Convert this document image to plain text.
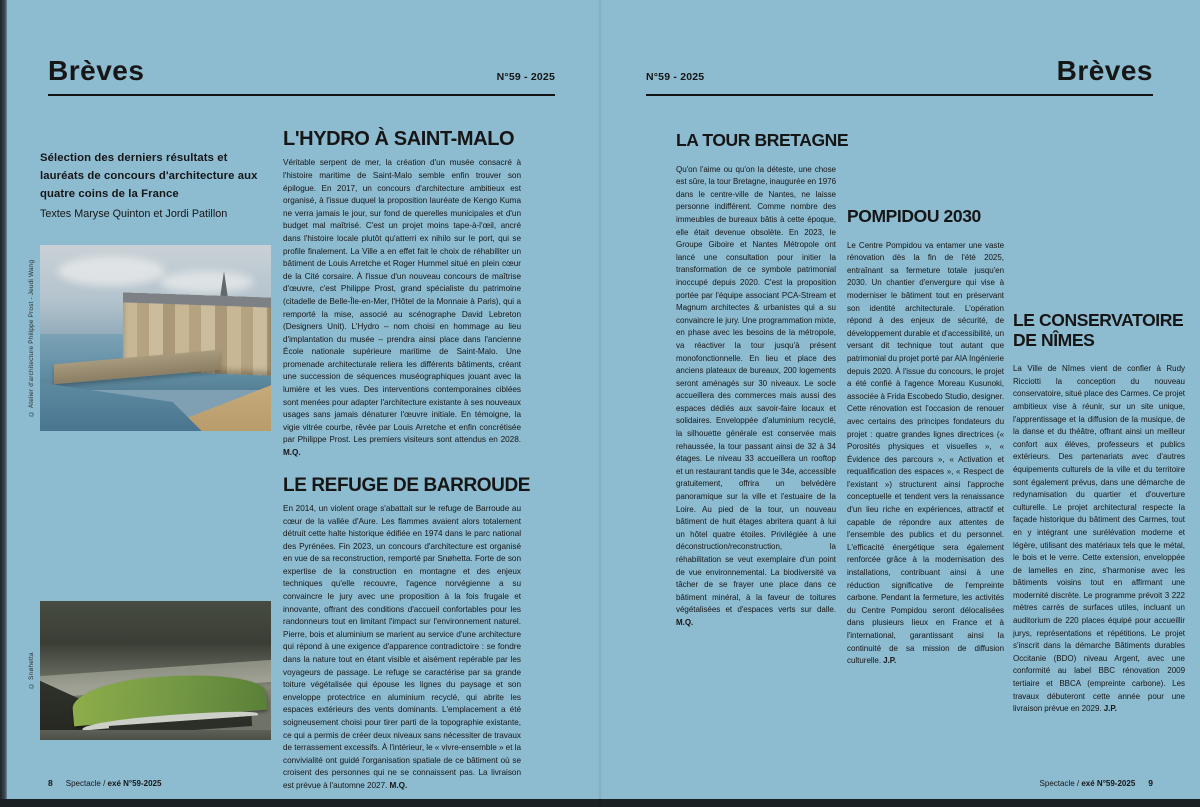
Brèves	N°59 - 2025	N°59 - 2025	Brèves
Sélection des derniers résultats et lauréats de concours d'architecture aux quatre coins de la France
Textes Maryse Quinton et Jordi Patillon
© Atelier d'architecture Philippe Prost - Jeudi Wang
© Snøhetta
L'HYDRO À SAINT-MALO

Véritable serpent de mer, la création d'un musée consacré à l'histoire maritime de Saint-Malo semble enfin trouver son épilogue. En 2017, un concours d'architecture ambitieux est organisé, à l'issue duquel la proposition lauréate de Kengo Kuma ne verra jamais le jour, sur fond de querelles municipales et d'un budget mal maîtrisé. C'est un projet moins tape-à-l'œil, ancré dans l'histoire locale plutôt qu'atterri ex nihilo sur le port, qui se profile finalement. La Ville a en effet fait le choix de réhabiliter un bâtiment de Louis Arretche et Roger Hummel situé en plein cœur de la Cité corsaire. À l'issue d'un nouveau concours de maîtrise d'œuvre, c'est Philippe Prost, grand spécialiste du patrimoine (citadelle de Belle-Île-en-Mer, l'Hôtel de la Monnaie à Paris), qui a remporté la mise, associé au scénographe David Lebreton (Designers Unit). L'Hydro – nom choisi en hommage au lieu d'implantation du musée – prendra ainsi place dans l'ancienne École nationale supérieure maritime de Saint-Malo. Une promenade architecturale reliera les différents bâtiments, créant une succession de séquences muséographiques jouant avec la lumière et les vues. Des interventions contemporaines ciblées sont menées pour adapter l'architecture existante à ses nouveaux usages sans jamais dénaturer l'œuvre initiale. En témoigne, la vigie vitrée courbe, rêvée par Louis Arretche et enfin concrétisée par Philippe Prost. Les premiers visiteurs sont attendus en 2028. M.Q.

LE REFUGE DE BARROUDE

En 2014, un violent orage s'abattait sur le refuge de Barroude au cœur de la vallée d'Aure. Les flammes avaient alors totalement détruit cette halte historique édifiée en 1974 dans le parc national des Pyrénées. Fin 2023, un concours d'architecture est organisé en vue de sa reconstruction, remporté par Snøhetta. Forte de son expertise de la construction en montagne et des enjeux techniques qu'elle recouvre, l'agence norvégienne a su convaincre le jury avec une proposition à la fois frugale et innovante, offrant des conditions d'accueil confortables pour les randonneurs tout en limitant l'impact sur l'environnement naturel. Pierre, bois et aluminium se marient au service d'une architecture qui répond à une exigence d'apparence contradictoire : se fondre dans la nature tout en étant visible et aisément repérable par les voyageurs de passage. Le refuge se caractérise par sa grande toiture végétalisée qui épouse les lignes du paysage et son enveloppe protectrice en aluminium recyclé, qui abrite les espaces extérieurs des vents dominants. L'emplacement a été soigneusement choisi pour tirer parti de la topographie existante, ce qui a permis de créer deux niveaux sans nécessiter de travaux de terrassement excessifs. À l'intérieur, le « vivre-ensemble » et la convivialité ont guidé l'organisation spatiale de ce bâtiment où se croisent des personnes qui ne se connaissent pas. La livraison est prévue à l'automne 2027. M.Q.

LA TOUR BRETAGNE

Qu'on l'aime ou qu'on la déteste, une chose est sûre, la tour Bretagne, inaugurée en 1976 dans le centre-ville de Nantes, ne laisse personne indifférent. Comme nombre des immeubles de bureaux bâtis à cette époque, elle était devenue obsolète. En 2023, le Groupe Giboire et Nantes Métropole ont lancé une consultation pour initier la transformation de ce symbole patrimonial inoccupé depuis 2020. C'est la proposition portée par l'équipe associant PCA-Stream et Magnum architectes & urbanistes qui a su convaincre le jury. Une programmation mixte, en phase avec les besoins de la métropole, va réactiver la tour jusqu'à présent monofonctionnelle. En lieu et place des anciens plateaux de bureaux, 200 logements seront aménagés sur 30 niveaux. Le socle accueillera des commerces mais aussi des espaces dédiés aux savoir-faire locaux et solidaires. Enveloppée d'aluminium recyclé, la silhouette générale est conservée mais rehaussée, la tour passant ainsi de 32 à 34 étages. Le niveau 33 accueillera un rooftop et un restaurant tandis que le 34e, accessible gratuitement, offrira un belvédère panoramique sur la ville et l'estuaire de la Loire. Au pied de la tour, un nouveau bâtiment de huit étages abritera quant à lui un hôtel quatre étoiles. Privilégiée à une déconstruction/reconstruction, la réhabilitation se veut exemplaire d'un point de vue environnemental. La biodiversité va tâcher de se frayer une place dans ce bâtiment minéral, à la faveur de toitures végétalisées et d'espaces verts sur dalle. M.Q.

POMPIDOU 2030

Le Centre Pompidou va entamer une vaste rénovation dès la fin de l'été 2025, entraînant sa fermeture totale jusqu'en 2030. Un chantier d'envergure qui vise à moderniser le bâtiment tout en préservant son identité architecturale. L'opération répond à des enjeux de sécurité, de développement durable et d'accessibilité, un versant dit technique tout autant que patrimonial du projet porté par AIA Ingénierie depuis 2020. À l'issue du concours, le projet a été confié à l'agence Moreau Kusunoki, associée à Frida Escobedo Studio, designer. Cette rénovation est l'occasion de renouer avec certains des principes fondateurs du projet : quatre grandes lignes directrices (« Porosités physiques et visuelles », « Évidence des parcours », « Activation et requalification des espaces », « Respect de l'existant ») structurent ainsi l'approche conceptuelle et tendent vers la renaissance d'un lieu riche en expériences, attractif et capable de répondre aux attentes de l'ensemble des publics et du personnel. L'efficacité énergétique sera également renforcée grâce à la modernisation des installations, contribuant ainsi à une réduction significative de l'empreinte carbone. Pendant la fermeture, les activités du Centre Pompidou seront délocalisées dans plusieurs lieux en France et à l'international, garantissant ainsi la continuité de sa mission de diffusion culturelle. J.P.

LE CONSERVATOIRE DE NÎMES

La Ville de Nîmes vient de confier à Rudy Ricciotti la conception du nouveau conservatoire, situé place des Carmes. Ce projet ambitieux vise à réunir, sur un site unique, l'apprentissage et la diffusion de la musique, de la danse et du théâtre, offrant ainsi un meilleur confort aux élèves, professeurs et publics extérieurs. Des partenariats avec d'autres équipements culturels de la ville et du territoire sont également prévus, dans une démarche de redynamisation du quartier et d'ouverture culturelle. Le projet architectural respecte la façade historique du bâtiment des Carmes, tout en y intégrant une surélévation moderne et légère, utilisant des matériaux tels que le métal, le bois et le verre. Cette extension, enveloppée de lamelles en zinc, s'harmonise avec les bâtiments voisins tout en affirmant une modernité discrète. Le programme prévoit 3 222 mètres carrés de surfaces utiles, incluant un auditorium de 220 places équipé pour accueillir jurys, représentations et répétitions. Le projet s'inscrit dans la démarche Bâtiments durables Occitanie (BDO) niveau Argent, avec une conformité au label BBC rénovation 2009 tertiaire et BBCA (empreinte carbone). Les travaux débuteront cette année pour une livraison prévue en 2029. J.P.

8 Spectacle / exé N°59-2025	Spectacle / exé N°59-2025 9
